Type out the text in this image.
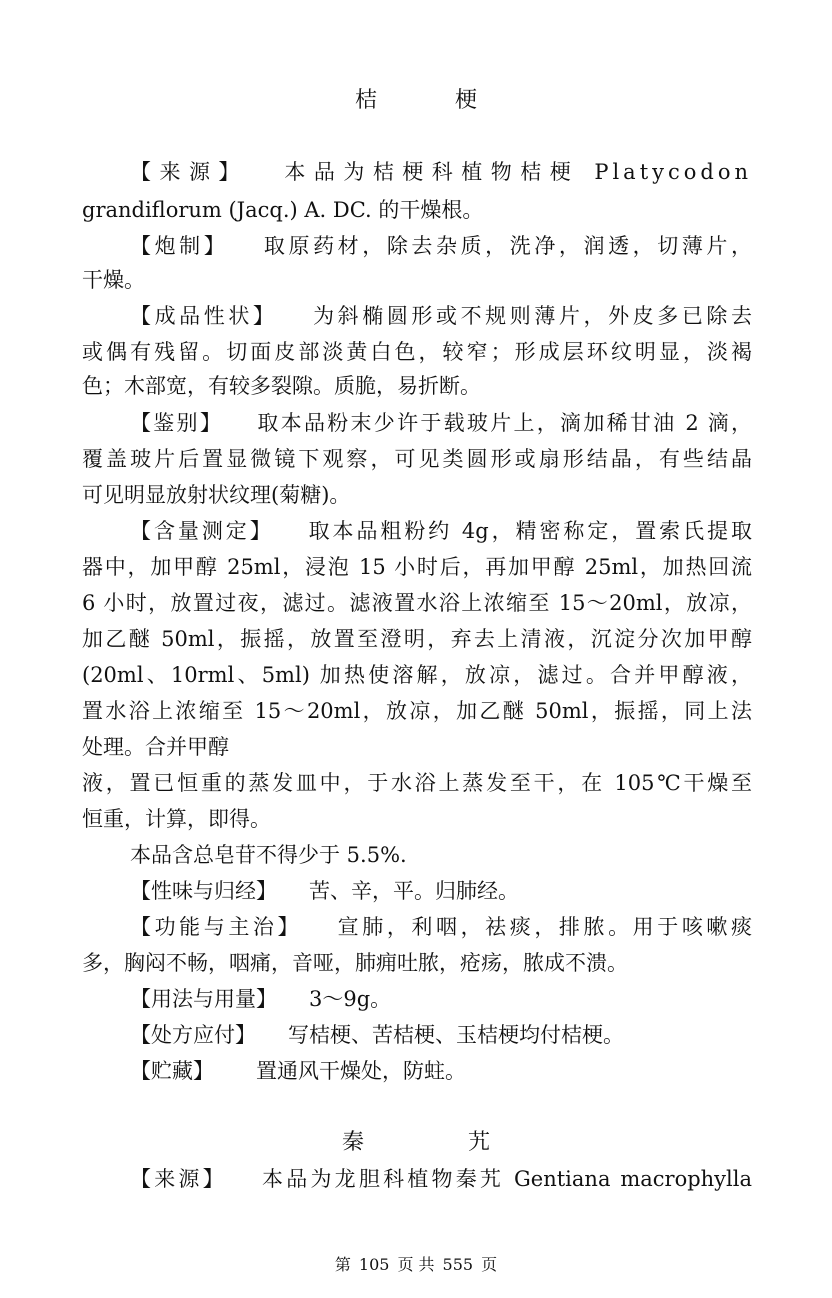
桔　梗
【来源】 本品为桔梗科植物桔梗 Platycodon
grandiflorum (Jacq.) A. DC. 的干燥根。
【炮制】 取原药材，除去杂质，洗净，润透，切薄片，
干燥。
【成品性状】 为斜椭圆形或不规则薄片，外皮多已除去
或偶有残留。切面皮部淡黄白色，较窄；形成层环纹明显，淡褐
色；木部宽，有较多裂隙。质脆，易折断。
【鉴别】 取本品粉末少许于载玻片上，滴加稀甘油 2 滴，
覆盖玻片后置显微镜下观察，可见类圆形或扇形结晶，有些结晶
可见明显放射状纹理(菊糖)。
【含量测定】 取本品粗粉约 4g，精密称定，置索氏提取
器中，加甲醇 25ml，浸泡 15 小时后，再加甲醇 25ml，加热回流
6 小时，放置过夜，滤过。滤液置水浴上浓缩至 15～20ml，放凉，
加乙醚 50ml，振摇，放置至澄明，弃去上清液，沉淀分次加甲醇
(20ml、10rml、5ml) 加热使溶解，放凉，滤过。合并甲醇液，
置水浴上浓缩至 15～20ml，放凉，加乙醚 50ml，振摇，同上法
处理。合并甲醇
液，置已恒重的蒸发皿中，于水浴上蒸发至干，在 105℃干燥至
恒重，计算，即得。
本品含总皂苷不得少于 5.5%.
【性味与归经】 苦、辛，平。归肺经。
【功能与主治】 宣肺，利咽，祛痰，排脓。用于咳嗽痰
多，胸闷不畅，咽痛，音哑，肺痈吐脓，疮疡，脓成不溃。
【用法与用量】 3～9g。
【处方应付】 写桔梗、苦桔梗、玉桔梗均付桔梗。
【贮藏】 置通风干燥处，防蛀。
秦　　艽
【来源】 本品为龙胆科植物秦艽 Gentiana macrophylla
第 105 页 共 555 页
